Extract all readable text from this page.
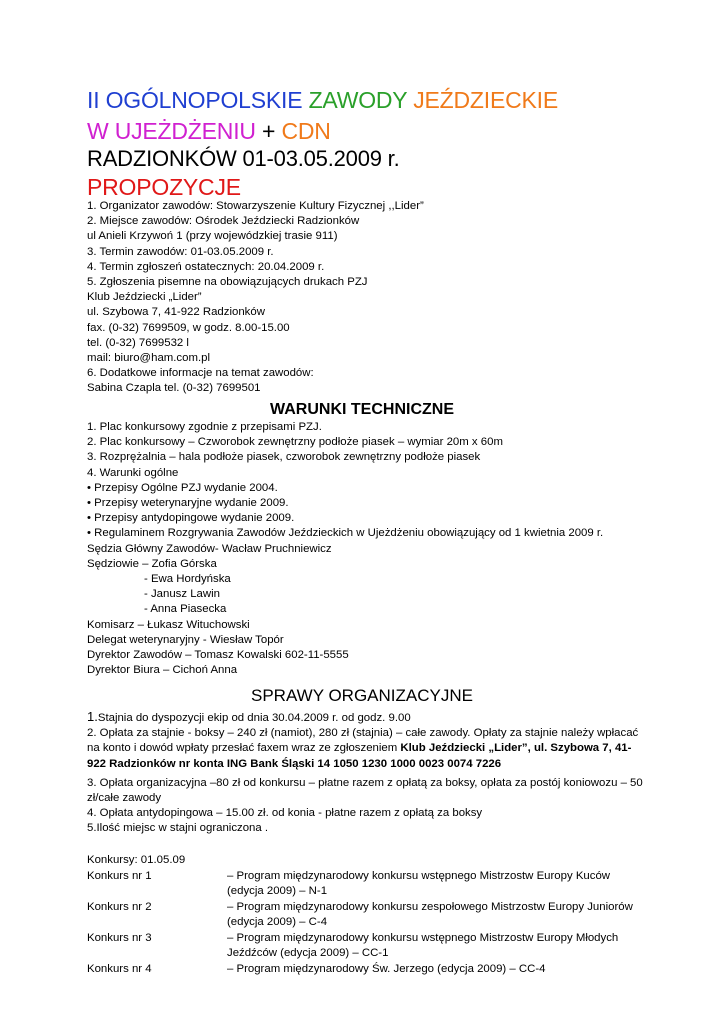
II OGÓLNOPOLSKIE ZAWODY JEŹDZIECKIE
W UJEŻDŻENIU + CDN
RADZIONKÓW 01-03.05.2009 r.
PROPOZYCJE
1. Organizator zawodów: Stowarzyszenie Kultury Fizycznej ,,Lider”
2. Miejsce zawodów: Ośrodek Jeździecki Radzionków
ul Anieli Krzywoń 1 (przy wojewódzkiej trasie 911)
3. Termin zawodów: 01-03.05.2009 r.
4. Termin zgłoszeń ostatecznych: 20.04.2009 r.
5. Zgłoszenia pisemne na obowiązujących drukach PZJ
Klub Jeździecki „Lider”
ul. Szybowa 7, 41-922 Radzionków
fax. (0-32) 7699509, w godz. 8.00-15.00
tel. (0-32) 7699532 l
mail: biuro@ham.com.pl
6. Dodatkowe informacje na temat zawodów:
Sabina Czapla tel. (0-32) 7699501
WARUNKI TECHNICZNE
1. Plac konkursowy zgodnie z przepisami PZJ.
2. Plac konkursowy – Czworobok zewnętrzny podłoże piasek – wymiar 20m x 60m
3. Rozprężalnia – hala podłoże piasek, czworobok zewnętrzny podłoże piasek
4. Warunki ogólne
• Przepisy Ogólne PZJ wydanie 2004.
• Przepisy weterynaryjne wydanie 2009.
• Przepisy antydopingowe wydanie 2009.
• Regulaminem Rozgrywania Zawodów Jeździeckich w Ujeżdżeniu obowiązujący od 1 kwietnia 2009 r.
Sędzia Główny Zawodów- Wacław Pruchniewicz
Sędziowie – Zofia Górska
- Ewa Hordyńska
- Janusz Lawin
- Anna Piasecka
Komisarz – Łukasz Wituchowski
Delegat weterynaryjny - Wiesław Topór
Dyrektor Zawodów – Tomasz Kowalski 602-11-5555
Dyrektor Biura – Cichoń Anna
SPRAWY ORGANIZACYJNE

1.Stajnia do dyspozycji ekip od dnia 30.04.2009 r. od godz. 9.00

2. Opłata za stajnie - boksy – 240 zł (namiot), 280 zł (stajnia) – całe zawody. Opłaty za stajnie należy wpłacać na konto i dowód wpłaty przesłać faxem wraz ze zgłoszeniem Klub Jeździecki „Lider”, ul. Szybowa 7, 41-922 Radzionków nr konta ING Bank Śląski 14 1050 1230 1000 0023 0074 7226

3. Opłata organizacyjna –80 zł od konkursu – płatne razem z opłatą za boksy, opłata za postój koniowozu – 50 zł/całe zawody

4. Opłata antydopingowa – 15.00 zł. od konia - płatne razem z opłatą za boksy

5.Ilość miejsc w stajni ograniczona .

Konkursy: 01.05.09
Konkurs nr 1	– Program międzynarodowy konkursu wstępnego Mistrzostw Europy Kuców (edycja 2009) – N-1
Konkurs nr 2	– Program międzynarodowy konkursu zespołowego Mistrzostw Europy Juniorów (edycja 2009) – C-4
Konkurs nr 3	– Program międzynarodowy konkursu wstępnego Mistrzostw Europy Młodych Jeźdźców (edycja 2009) – CC-1
Konkurs nr 4	– Program międzynarodowy Św. Jerzego (edycja 2009) – CC-4
